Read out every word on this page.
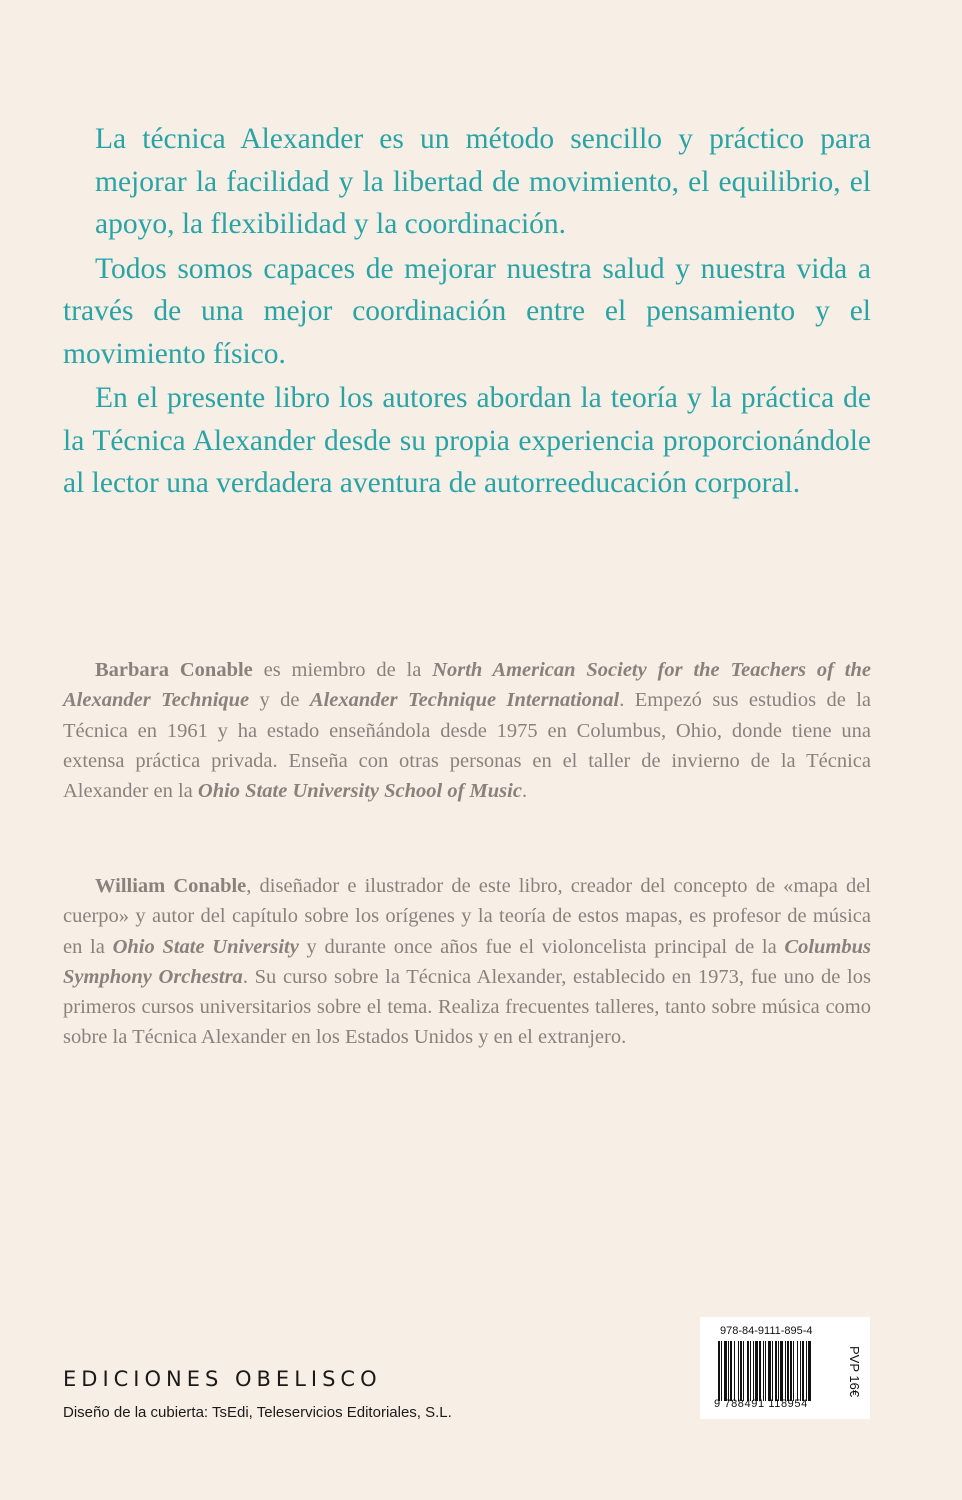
La técnica Alexander es un método sencillo y práctico para mejorar la facilidad y la libertad de movimiento, el equilibrio, el apoyo, la flexibilidad y la coordinación.

Todos somos capaces de mejorar nuestra salud y nuestra vida a través de una mejor coordinación entre el pensamiento y el movimiento físico.

En el presente libro los autores abordan la teoría y la práctica de la Técnica Alexander desde su propia experiencia proporcionándole al lector una verdadera aventura de autorreeducación corporal.

Barbara Conable es miembro de la North American Society for the Teachers of the Alexander Technique y de Alexander Technique International. Empezó sus estudios de la Técnica en 1961 y ha estado enseñándola desde 1975 en Columbus, Ohio, donde tiene una extensa práctica privada. Enseña con otras personas en el taller de invierno de la Técnica Alexander en la Ohio State University School of Music.

William Conable, diseñador e ilustrador de este libro, creador del concepto de «mapa del cuerpo» y autor del capítulo sobre los orígenes y la teoría de estos mapas, es profesor de música en la Ohio State University y durante once años fue el violoncelista principal de la Columbus Symphony Orchestra. Su curso sobre la Técnica Alexander, establecido en 1973, fue uno de los primeros cursos universitarios sobre el tema. Realiza frecuentes talleres, tanto sobre música como sobre la Técnica Alexander en los Estados Unidos y en el extranjero.

EDICIONES OBELISCO
Diseño de la cubierta: TsEdi, Teleservicios Editoriales, S.L.
978-84-9111-895-4
9 788491 118954
PVP 16€
